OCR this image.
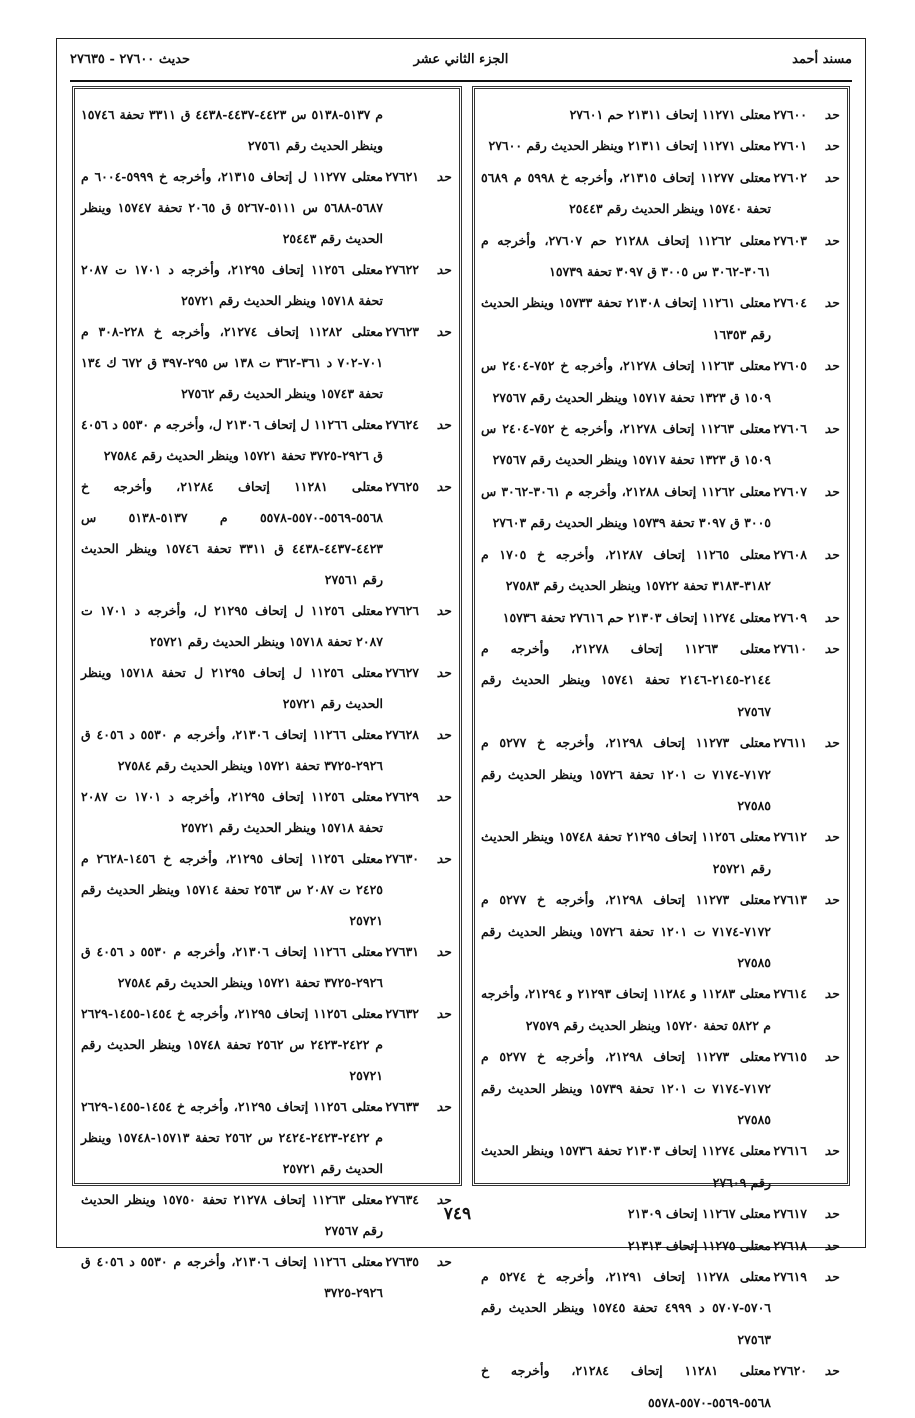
مسند أحمد
الجزء الثاني عشر
حديث ٢٧٦٠٠ - ٢٧٦٣٥
حد
٢٧٦٠٠
معتلى ١١٢٧١ إتحاف ٢١٣١١ حم ٢٧٦٠١
حد
٢٧٦٠١
معتلى ١١٢٧١ إتحاف ٢١٣١١ وينظر الحديث رقم ٢٧٦٠٠
حد
٢٧٦٠٢
معتلى ١١٢٧٧ إتحاف ٢١٣١٥، وأخرجه خ ٥٩٩٨ م ٥٦٨٩ تحفة ١٥٧٤٠ وينظر الحديث رقم ٢٥٤٤٣
حد
٢٧٦٠٣
معتلى ١١٢٦٢ إتحاف ٢١٢٨٨ حم ٢٧٦٠٧، وأخرجه م ٣٠٦١-٣٠٦٢ س ٣٠٠٥ ق ٣٠٩٧ تحفة ١٥٧٣٩
حد
٢٧٦٠٤
معتلى ١١٢٦١ إتحاف ٢١٣٠٨ تحفة ١٥٧٣٣ وينظر الحديث رقم ١٦٣٥٣
حد
٢٧٦٠٥
معتلى ١١٢٦٣ إتحاف ٢١٢٧٨، وأخرجه خ ٧٥٢-٢٤٠٤ س ١٥٠٩ ق ١٣٢٣ تحفة ١٥٧١٧ وينظر الحديث رقم ٢٧٥٦٧
حد
٢٧٦٠٦
معتلى ١١٢٦٣ إتحاف ٢١٢٧٨، وأخرجه خ ٧٥٢-٢٤٠٤ س ١٥٠٩ ق ١٣٢٣ تحفة ١٥٧١٧ وينظر الحديث رقم ٢٧٥٦٧
حد
٢٧٦٠٧
معتلى ١١٢٦٢ إتحاف ٢١٢٨٨، وأخرجه م ٣٠٦١-٣٠٦٢ س ٣٠٠٥ ق ٣٠٩٧ تحفة ١٥٧٣٩ وينظر الحديث رقم ٢٧٦٠٣
حد
٢٧٦٠٨
معتلى ١١٢٦٥ إتحاف ٢١٢٨٧، وأخرجه خ ١٧٠٥ م ٣١٨٢-٣١٨٣ تحفة ١٥٧٢٢ وينظر الحديث رقم ٢٧٥٨٣
حد
٢٧٦٠٩
معتلى ١١٢٧٤ إتحاف ٢١٣٠٣ حم ٢٧٦١٦ تحفة ١٥٧٣٦
حد
٢٧٦١٠
معتلى ١١٢٦٣ إتحاف ٢١٢٧٨، وأخرجه م ٢١٤٤-٢١٤٥-٢١٤٦ تحفة ١٥٧٤١ وينظر الحديث رقم ٢٧٥٦٧
حد
٢٧٦١١
معتلى ١١٢٧٣ إتحاف ٢١٢٩٨، وأخرجه خ ٥٢٧٧ م ٧١٧٢-٧١٧٤ ت ١٢٠١ تحفة ١٥٧٢٦ وينظر الحديث رقم ٢٧٥٨٥
حد
٢٧٦١٢
معتلى ١١٢٥٦ إتحاف ٢١٢٩٥ تحفة ١٥٧٤٨ وينظر الحديث رقم ٢٥٧٢١
حد
٢٧٦١٣
معتلى ١١٢٧٣ إتحاف ٢١٢٩٨، وأخرجه خ ٥٢٧٧ م ٧١٧٢-٧١٧٤ ت ١٢٠١ تحفة ١٥٧٢٦ وينظر الحديث رقم ٢٧٥٨٥
حد
٢٧٦١٤
معتلى ١١٢٨٣ و ١١٢٨٤ إتحاف ٢١٢٩٣ و ٢١٢٩٤، وأخرجه م ٥٨٢٢ تحفة ١٥٧٢٠ وينظر الحديث رقم ٢٧٥٧٩
حد
٢٧٦١٥
معتلى ١١٢٧٣ إتحاف ٢١٢٩٨، وأخرجه خ ٥٢٧٧ م ٧١٧٢-٧١٧٤ ت ١٢٠١ تحفة ١٥٧٣٩ وينظر الحديث رقم ٢٧٥٨٥
حد
٢٧٦١٦
معتلى ١١٢٧٤ إتحاف ٢١٣٠٣ تحفة ١٥٧٣٦ وينظر الحديث رقم ٢٧٦٠٩
حد
٢٧٦١٧
معتلى ١١٢٦٧ إتحاف ٢١٣٠٩
حد
٢٧٦١٨
معتلى ١١٢٧٥ إتحاف ٢١٣١٣
حد
٢٧٦١٩
معتلى ١١٢٧٨ إتحاف ٢١٢٩١، وأخرجه خ ٥٢٧٤ م ٥٧٠٦-٥٧٠٧ د ٤٩٩٩ تحفة ١٥٧٤٥ وينظر الحديث رقم ٢٧٥٦٣
حد
٢٧٦٢٠
معتلى ١١٢٨١ إتحاف ٢١٢٨٤، وأخرجه خ ٥٥٦٨-٥٥٦٩-٥٥٧٠-٥٥٧٨
م ٥١٣٧-٥١٣٨ س ٤٤٢٣-٤٤٣٧-٤٤٣٨ ق ٣٣١١ تحفة ١٥٧٤٦ وينظر الحديث رقم ٢٧٥٦١
حد
٢٧٦٢١
معتلى ١١٢٧٧ ل إتحاف ٢١٣١٥، وأخرجه خ ٥٩٩٩-٦٠٠٤ م ٥٦٨٧-٥٦٨٨ س ٥١١١-٥٢٦٧ ق ٢٠٦٥ تحفة ١٥٧٤٧ وينظر الحديث رقم ٢٥٤٤٣
حد
٢٧٦٢٢
معتلى ١١٢٥٦ إتحاف ٢١٢٩٥، وأخرجه د ١٧٠١ ت ٢٠٨٧ تحفة ١٥٧١٨ وينظر الحديث رقم ٢٥٧٢١
حد
٢٧٦٢٣
معتلى ١١٢٨٢ إتحاف ٢١٢٧٤، وأخرجه خ ٢٢٨-٣٠٨ م ٧٠١-٧٠٢ د ٣٦١-٣٦٢ ت ١٣٨ س ٢٩٥-٣٩٧ ق ٦٧٢ ك ١٣٤ تحفة ١٥٧٤٣ وينظر الحديث رقم ٢٧٥٦٢
حد
٢٧٦٢٤
معتلى ١١٢٦٦ ل إتحاف ٢١٣٠٦ ل، وأخرجه م ٥٥٣٠ د ٤٠٥٦ ق ٢٩٢٦-٣٧٢٥ تحفة ١٥٧٢١ وينظر الحديث رقم ٢٧٥٨٤
حد
٢٧٦٢٥
معتلى ١١٢٨١ إتحاف ٢١٢٨٤، وأخرجه خ ٥٥٦٨-٥٥٦٩-٥٥٧٠-٥٥٧٨ م ٥١٣٧-٥١٣٨ س ٤٤٢٣-٤٤٣٧-٤٤٣٨ ق ٣٣١١ تحفة ١٥٧٤٦ وينظر الحديث رقم ٢٧٥٦١
حد
٢٧٦٢٦
معتلى ١١٢٥٦ ل إتحاف ٢١٢٩٥ ل، وأخرجه د ١٧٠١ ت ٢٠٨٧ تحفة ١٥٧١٨ وينظر الحديث رقم ٢٥٧٢١
حد
٢٧٦٢٧
معتلى ١١٢٥٦ ل إتحاف ٢١٢٩٥ ل تحفة ١٥٧١٨ وينظر الحديث رقم ٢٥٧٢١
حد
٢٧٦٢٨
معتلى ١١٢٦٦ إتحاف ٢١٣٠٦، وأخرجه م ٥٥٣٠ د ٤٠٥٦ ق ٢٩٢٦-٣٧٢٥ تحفة ١٥٧٢١ وينظر الحديث رقم ٢٧٥٨٤
حد
٢٧٦٢٩
معتلى ١١٢٥٦ إتحاف ٢١٢٩٥، وأخرجه د ١٧٠١ ت ٢٠٨٧ تحفة ١٥٧١٨ وينظر الحديث رقم ٢٥٧٢١
حد
٢٧٦٣٠
معتلى ١١٢٥٦ إتحاف ٢١٢٩٥، وأخرجه خ ١٤٥٦-٢٦٢٨ م ٢٤٢٥ ت ٢٠٨٧ س ٢٥٦٣ تحفة ١٥٧١٤ وينظر الحديث رقم ٢٥٧٢١
حد
٢٧٦٣١
معتلى ١١٢٦٦ إتحاف ٢١٣٠٦، وأخرجه م ٥٥٣٠ د ٤٠٥٦ ق ٢٩٢٦-٣٧٢٥ تحفة ١٥٧٢١ وينظر الحديث رقم ٢٧٥٨٤
حد
٢٧٦٣٢
معتلى ١١٢٥٦ إتحاف ٢١٢٩٥، وأخرجه خ ١٤٥٤-١٤٥٥-٢٦٢٩ م ٢٤٢٢-٢٤٢٣ س ٢٥٦٢ تحفة ١٥٧٤٨ وينظر الحديث رقم ٢٥٧٢١
حد
٢٧٦٣٣
معتلى ١١٢٥٦ إتحاف ٢١٢٩٥، وأخرجه خ ١٤٥٤-١٤٥٥-٢٦٢٩ م ٢٤٢٢-٢٤٢٣-٢٤٢٤ س ٢٥٦٢ تحفة ١٥٧١٣-١٥٧٤٨ وينظر الحديث رقم ٢٥٧٢١
حد
٢٧٦٣٤
معتلى ١١٢٦٣ إتحاف ٢١٢٧٨ تحفة ١٥٧٥٠ وينظر الحديث رقم ٢٧٥٦٧
حد
٢٧٦٣٥
معتلى ١١٢٦٦ إتحاف ٢١٣٠٦، وأخرجه م ٥٥٣٠ د ٤٠٥٦ ق ٢٩٢٦-٣٧٢٥
٧٤٩
